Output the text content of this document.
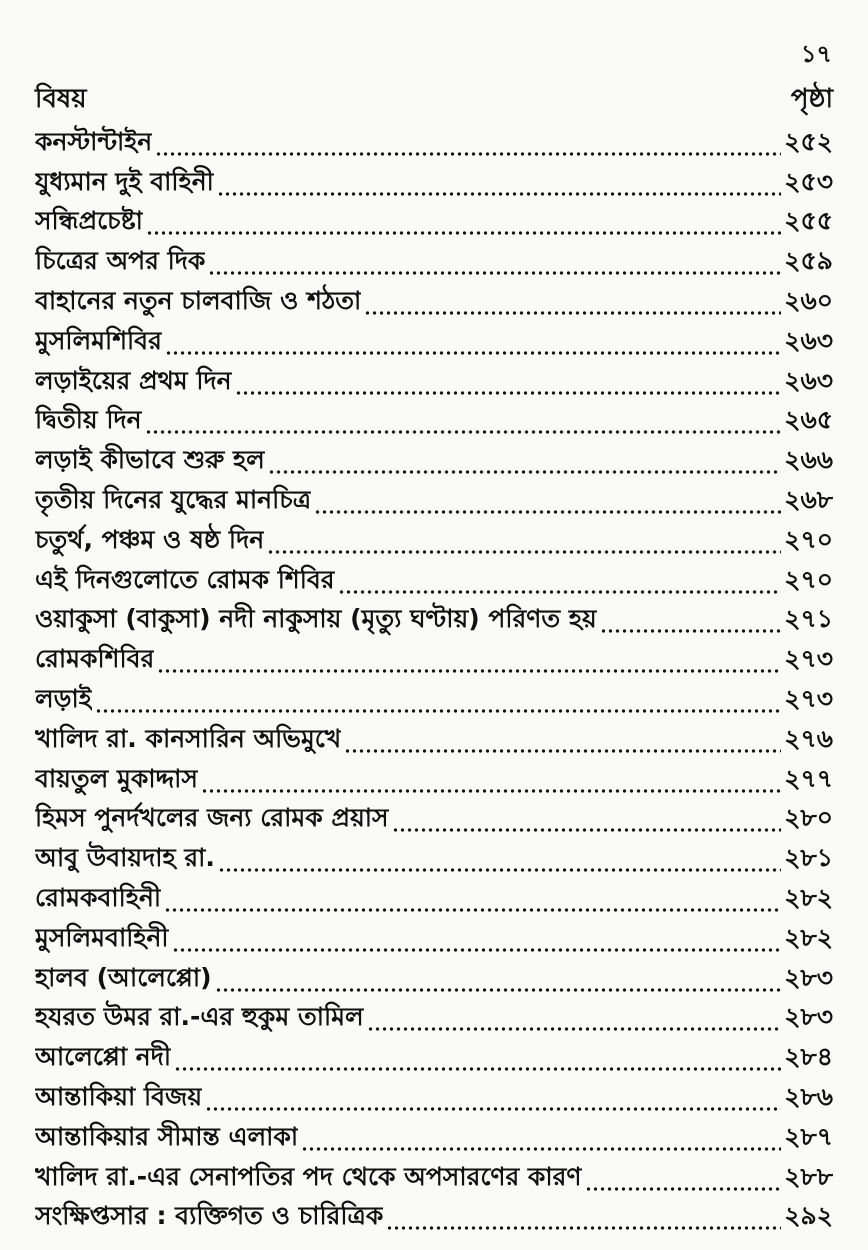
১৭
বিষয়	পৃষ্ঠা
কনস্টান্টাইন	২৫২
যুধ্যমান দুই বাহিনী	২৫৩
সন্ধিপ্রচেষ্টা	২৫৫
চিত্রের অপর দিক	২৫৯
বাহানের নতুন চালবাজি ও শঠতা	২৬০
মুসলিমশিবির	২৬৩
লড়াইয়ের প্রথম দিন	২৬৩
দ্বিতীয় দিন	২৬৫
লড়াই কীভাবে শুরু হল	২৬৬
তৃতীয় দিনের যুদ্ধের মানচিত্র	২৬৮
চতুর্থ, পঞ্চম ও ষষ্ঠ দিন	২৭০
এই দিনগুলোতে রোমক শিবির	২৭০
ওয়াকুসা (বাকুসা) নদী নাকুসায় (মৃত্যু ঘণ্টায়) পরিণত হয়	২৭১
রোমকশিবির	২৭৩
লড়াই	২৭৩
খালিদ রা. কানসারিন অভিমুখে	২৭৬
বায়তুল মুকাদ্দাস	২৭৭
হিমস পুনর্দখলের জন্য রোমক প্রয়াস	২৮০
আবু উবায়দাহ রা.	২৮১
রোমকবাহিনী	২৮২
মুসলিমবাহিনী	২৮২
হালব (আলেপ্পো)	২৮৩
হযরত উমর রা.-এর হুকুম তামিল	২৮৩
আলেপ্পো নদী	২৮৪
আন্তাকিয়া বিজয়	২৮৬
আন্তাকিয়ার সীমান্ত এলাকা	২৮৭
খালিদ রা.-এর সেনাপতির পদ থেকে অপসারণের কারণ	২৮৮
সংক্ষিপ্তসার : ব্যক্তিগত ও চারিত্রিক	২৯২
